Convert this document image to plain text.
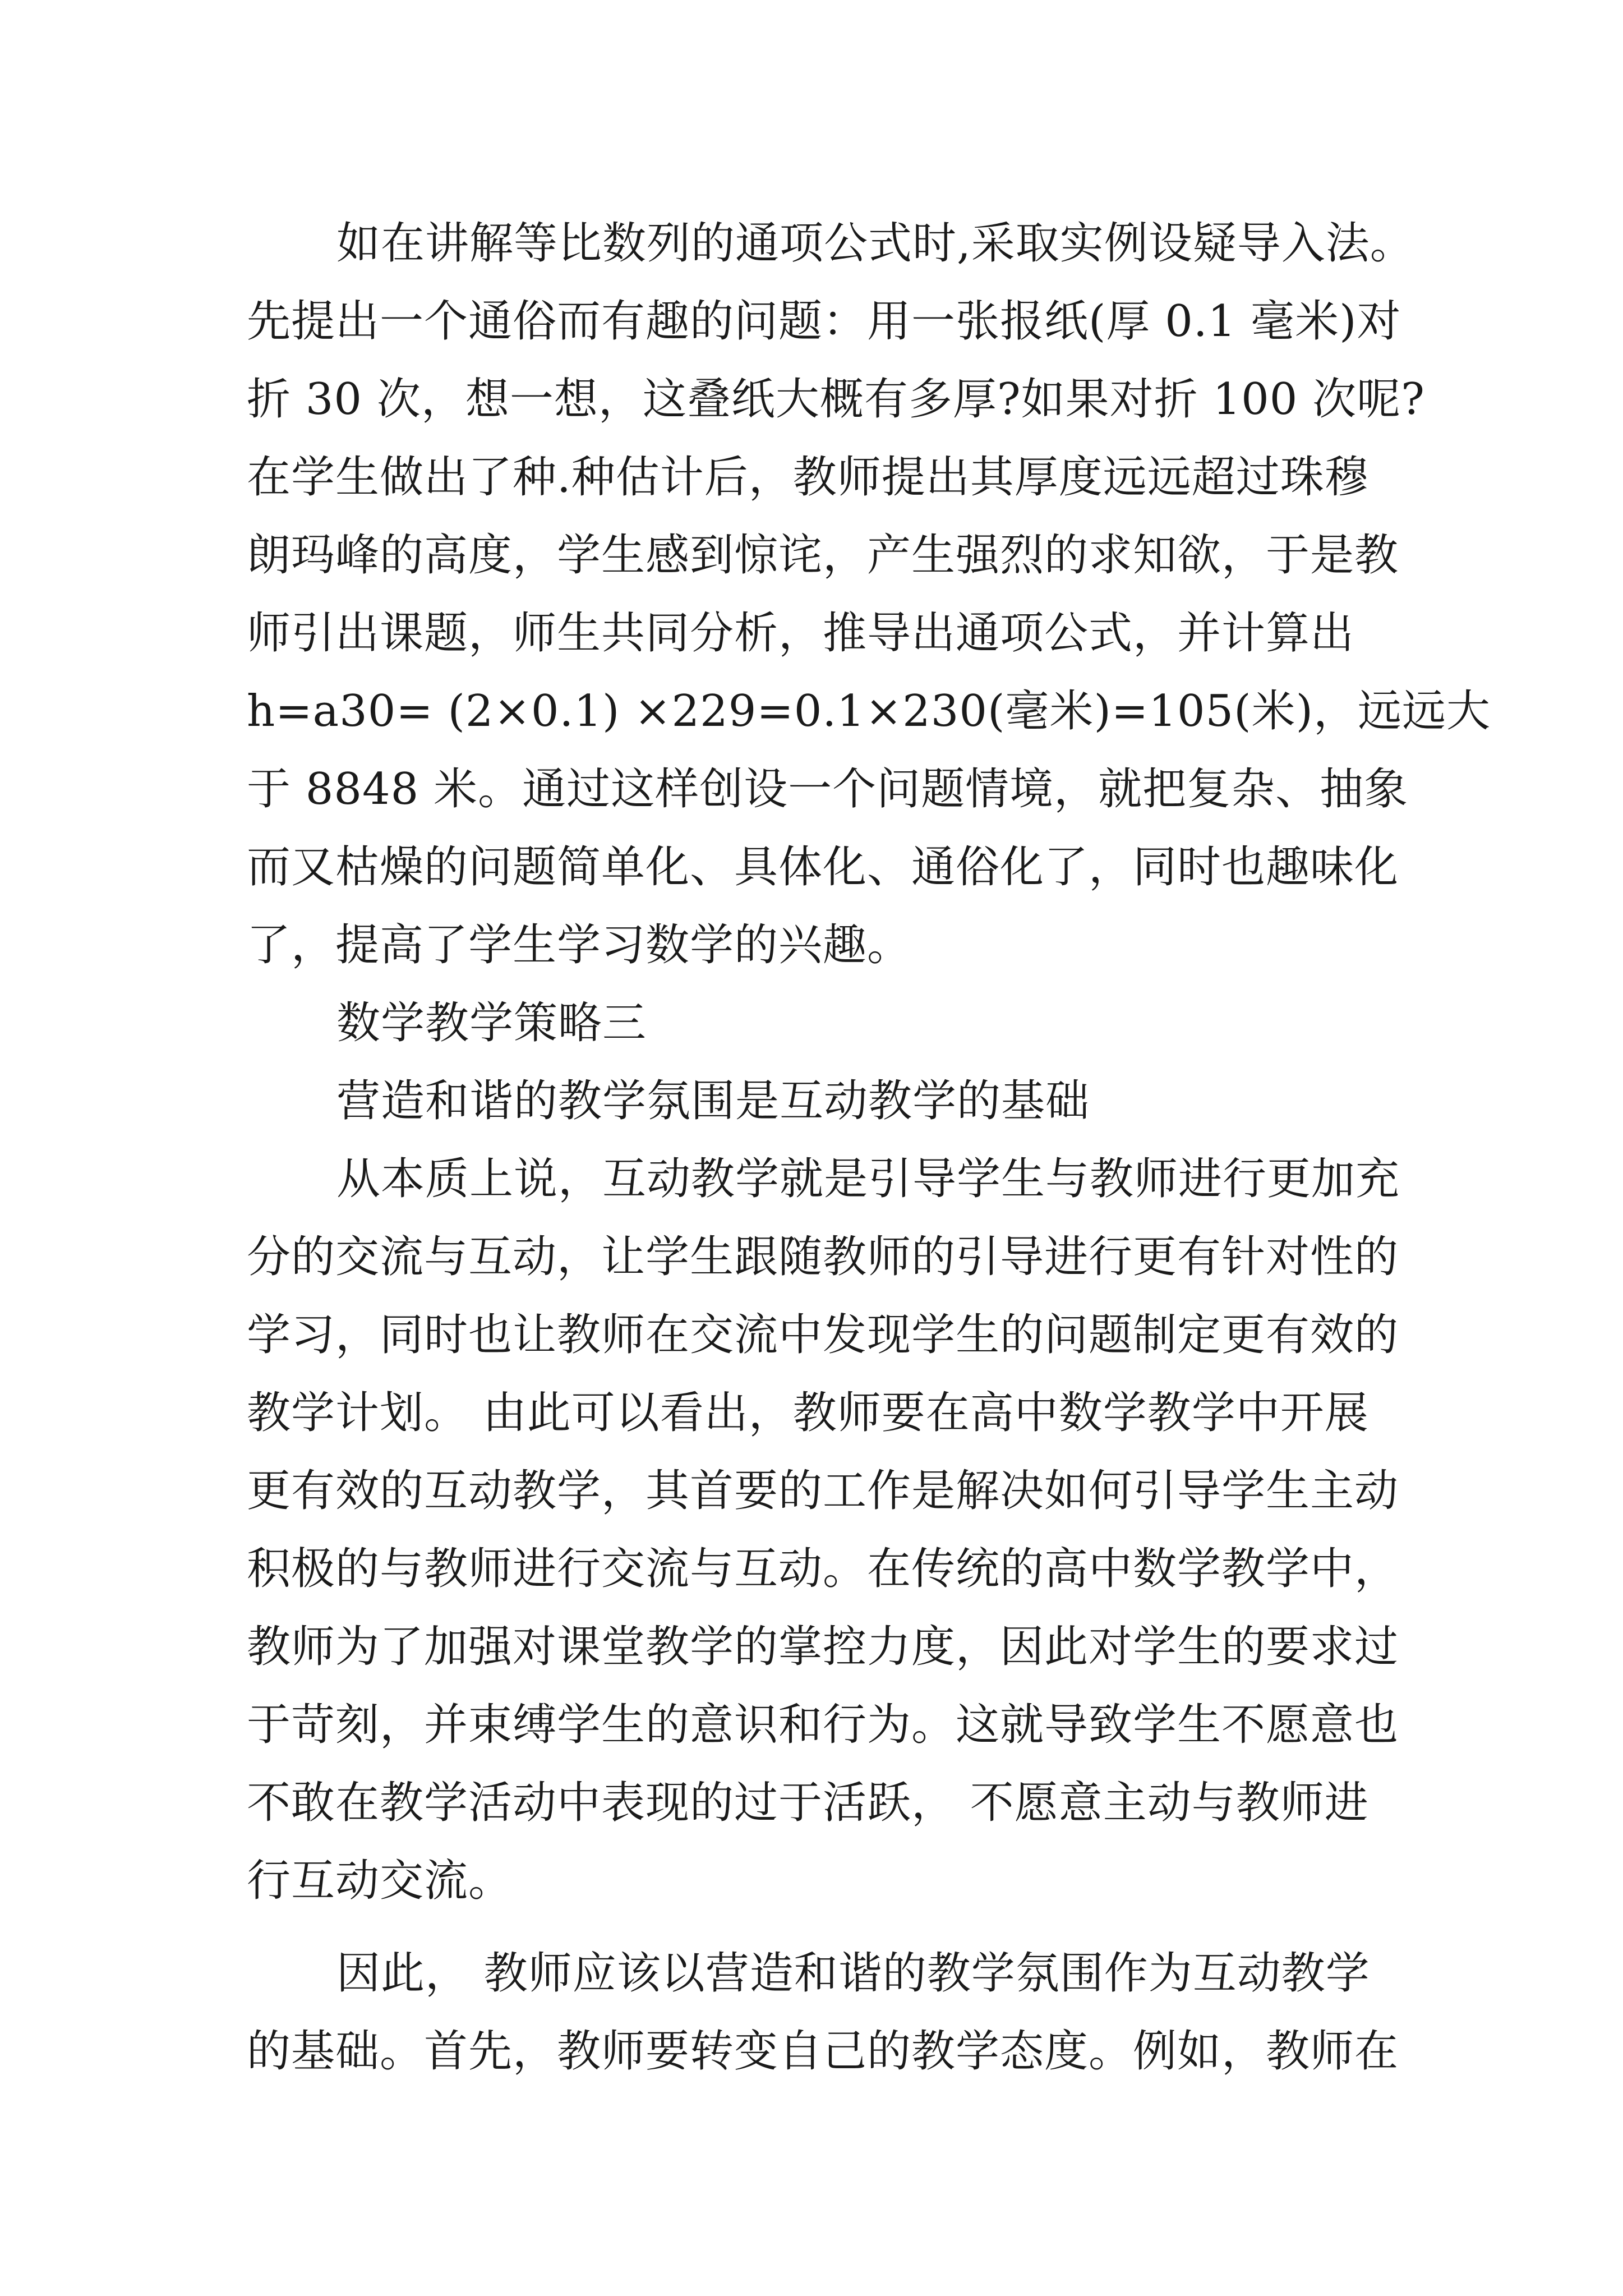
如在讲解等比数列的通项公式时,采取实例设疑导入法。
先提出一个通俗而有趣的问题：用一张报纸(厚 0.1 毫米)对
折 30 次，想一想，这叠纸大概有多厚?如果对折 100 次呢?
在学生做出了种.种估计后，教师提出其厚度远远超过珠穆
朗玛峰的高度，学生感到惊诧，产生强烈的求知欲，于是教
师引出课题，师生共同分析，推导出通项公式，并计算出
h=a30= (2×0.1) ×229=0.1×230(毫米)=105(米)，远远大
于 8848 米。通过这样创设一个问题情境，就把复杂、抽象
而又枯燥的问题简单化、具体化、通俗化了，同时也趣味化
了，提高了学生学习数学的兴趣。
数学教学策略三
营造和谐的教学氛围是互动教学的基础
从本质上说，互动教学就是引导学生与教师进行更加充
分的交流与互动，让学生跟随教师的引导进行更有针对性的
学习，同时也让教师在交流中发现学生的问题制定更有效的
教学计划。 由此可以看出，教师要在高中数学教学中开展
更有效的互动教学，其首要的工作是解决如何引导学生主动
积极的与教师进行交流与互动。在传统的高中数学教学中，
教师为了加强对课堂教学的掌控力度，因此对学生的要求过
于苛刻，并束缚学生的意识和行为。这就导致学生不愿意也
不敢在教学活动中表现的过于活跃， 不愿意主动与教师进
行互动交流。
因此， 教师应该以营造和谐的教学氛围作为互动教学
的基础。首先，教师要转变自己的教学态度。例如，教师在
